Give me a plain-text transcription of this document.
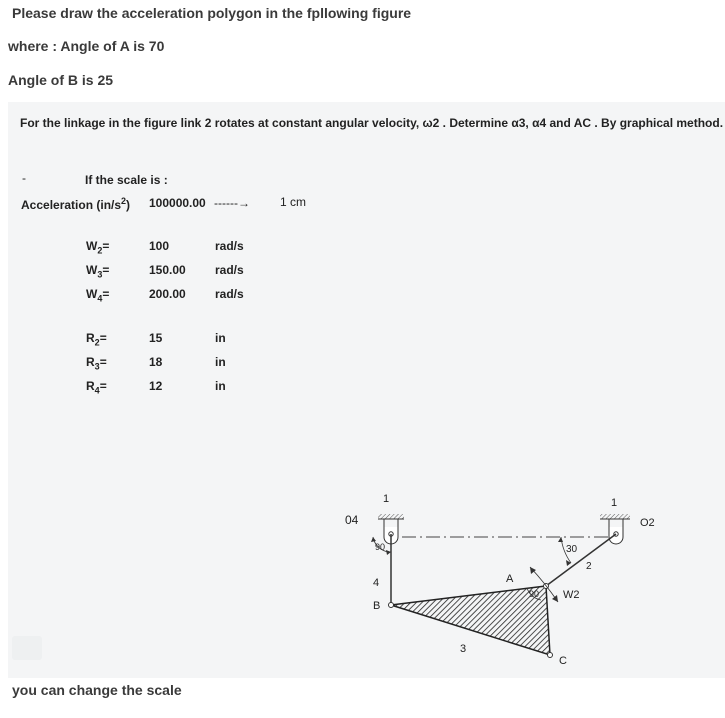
Please draw the acceleration polygon in the fpllowing figure
where : Angle of A is 70
Angle of B is 25
For the linkage in the figure link 2 rotates at constant angular velocity, ω2 . Determine α3, α4 and AC . By graphical method.
-	If the scale is :
Acceleration $(in/s^2)$ 100000.00 ------→	1 cm
$W_2=$	100	rad/s
$W_3=$	150.00 rad/s
$W_4=$	200.00 rad/s
$R_2=$	15	in
$R_3=$	18	in
$R_4=$	12	in
04
1	1
O2
90	30
2
4	A
B
90 W2
3
C
you can change the scale
